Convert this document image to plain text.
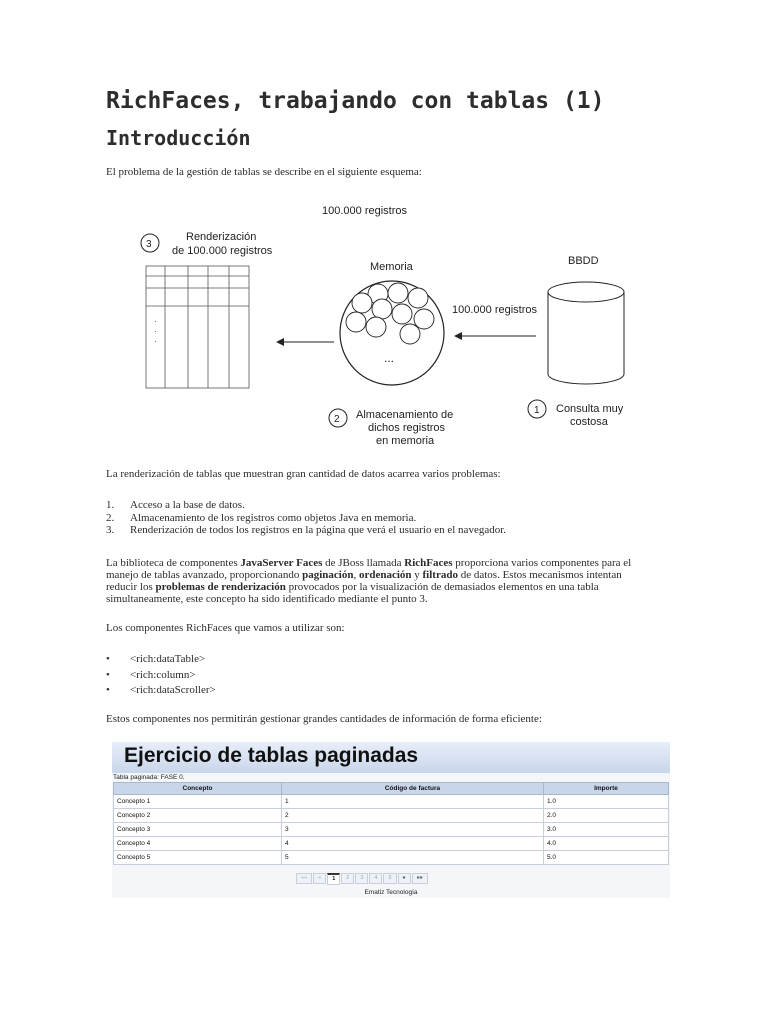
RichFaces, trabajando con tablas (1)
Introducción
El problema de la gestión de tablas se describe en el siguiente esquema:
100.000 registros
3
Renderización
de 100.000 registros
·
·
·
Memoria
...
100.000 registros
BBDD
2 Almacenamiento de
dichos registros
en memoria
1 Consulta muy
costosa
La renderización de tablas que muestran gran cantidad de datos acarrea varios problemas:
1. Acceso a la base de datos.
2. Almacenamiento de los registros como objetos Java en memoria.
3. Renderización de todos los registros en la página que verá el usuario en el navegador.
La biblioteca de componentes JavaServer Faces de JBoss llamada RichFaces proporciona varios componentes para el manejo de tablas avanzado, proporcionando paginación, ordenación y filtrado de datos. Estos mecanismos intentan reducir los problemas de renderización provocados por la visualización de demasiados elementos en una tabla simultaneamente, este concepto ha sido identificado mediante el punto 3.
Los componentes RichFaces que vamos a utilizar son:
• <rich:dataTable>
• <rich:column>
• <rich:dataScroller>
Estos componentes nos permitirán gestionar grandes cantidades de información de forma eficiente:
Ejercicio de tablas paginadas
Tabla paginada: FASE 0.
Concepto	Código de factura	Importe
Concepto 1	1	1.0
Concepto 2	2	2.0
Concepto 3	3	3.0
Concepto 4	4	4.0
Concepto 5	5	5.0
««	«	1	2	3	4	5	»	»»
Ematiz Tecnología
